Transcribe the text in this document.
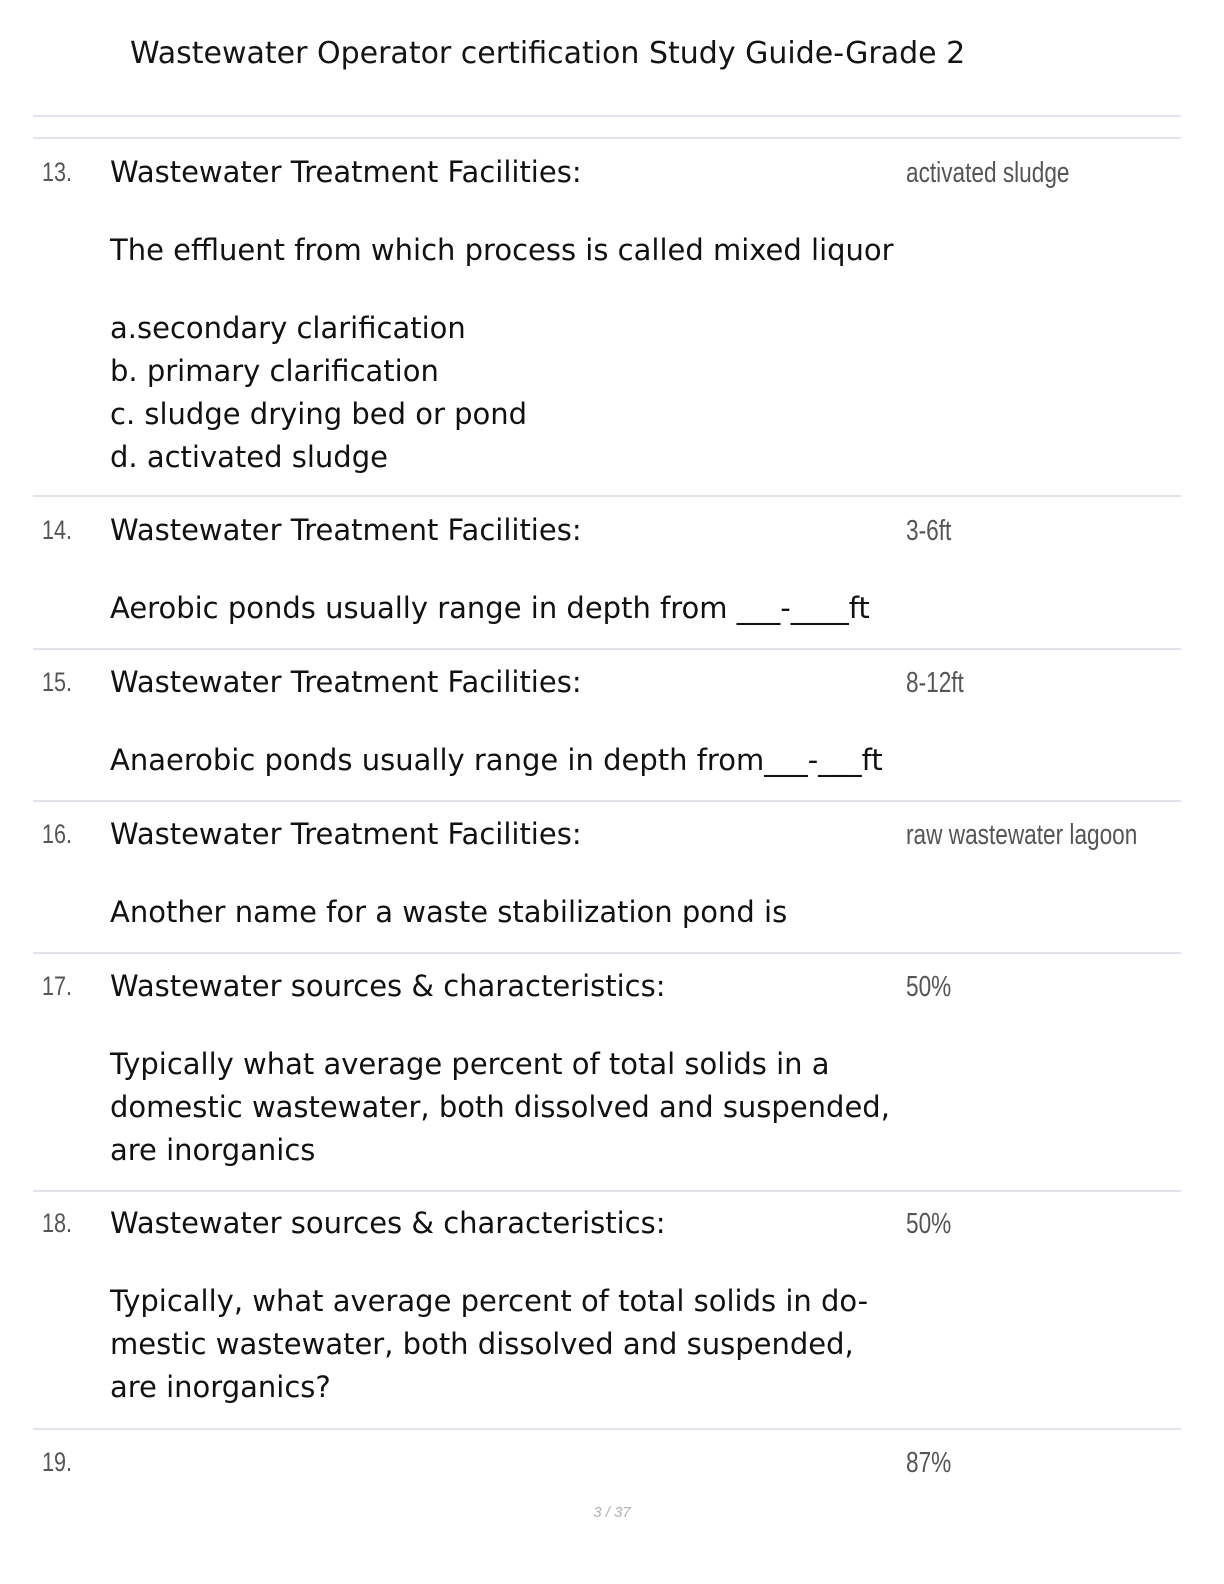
Wastewater Operator certification Study Guide-Grade 2
13. Wastewater Treatment Facilities:
The effluent from which process is called mixed liquor
a.secondary clarification
b. primary clarification
c. sludge drying bed or pond
d. activated sludge
activated sludge
14. Wastewater Treatment Facilities:
Aerobic ponds usually range in depth from ___-____ft
3-6ft
15. Wastewater Treatment Facilities:
Anaerobic ponds usually range in depth from___-___ft
8-12ft
16. Wastewater Treatment Facilities:
Another name for a waste stabilization pond is
raw wastewater lagoon
17. Wastewater sources & characteristics:
Typically what average percent of total solids in a
domestic wastewater, both dissolved and suspended,
are inorganics
50%
18. Wastewater sources & characteristics:
Typically, what average percent of total solids in do-
mestic wastewater, both dissolved and suspended,
are inorganics?
50%
19.	87%
3 / 37
